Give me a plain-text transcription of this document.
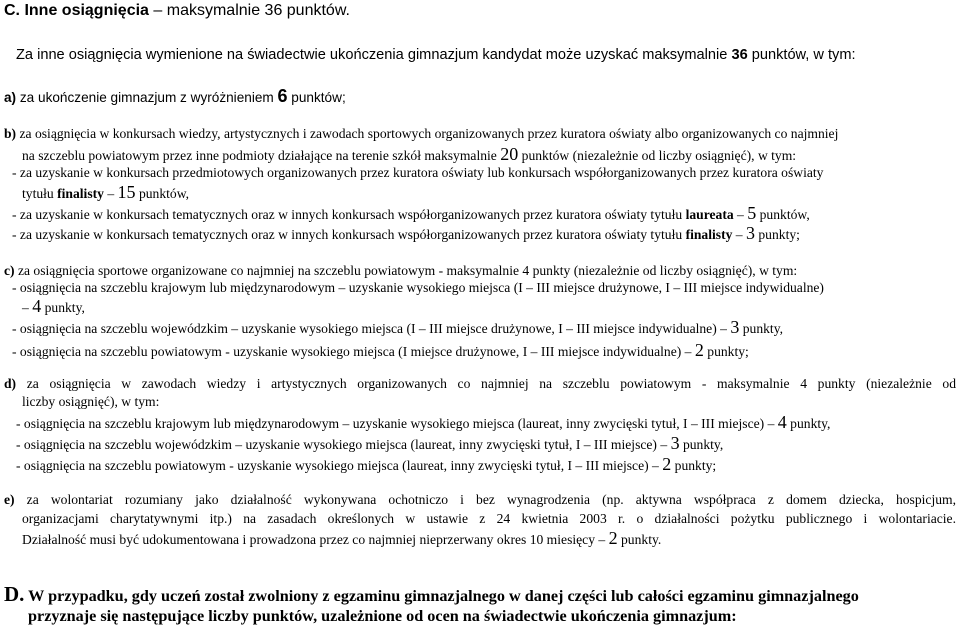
C. Inne osiągnięcia – maksymalnie 36 punktów.
Za inne osiągnięcia wymienione na świadectwie ukończenia gimnazjum kandydat może uzyskać maksymalnie 36 punktów, w tym:
a) za ukończenie gimnazjum z wyróżnieniem 6 punktów;
b) za osiągnięcia w konkursach wiedzy, artystycznych i zawodach sportowych organizowanych przez kuratora oświaty albo organizowanych co najmniej
na szczeblu powiatowym przez inne podmioty działające na terenie szkół maksymalnie 20 punktów (niezależnie od liczby osiągnięć), w tym:
- za uzyskanie w konkursach przedmiotowych organizowanych przez kuratora oświaty lub konkursach współorganizowanych przez kuratora oświaty
tytułu finalisty – 15 punktów,
- za uzyskanie w konkursach tematycznych oraz w innych konkursach współorganizowanych przez kuratora oświaty tytułu laureata – 5 punktów,
- za uzyskanie w konkursach tematycznych oraz w innych konkursach współorganizowanych przez kuratora oświaty tytułu finalisty – 3 punkty;
c) za osiągnięcia sportowe organizowane co najmniej na szczeblu powiatowym - maksymalnie 4 punkty (niezależnie od liczby osiągnięć), w tym:
- osiągnięcia na szczeblu krajowym lub międzynarodowym – uzyskanie wysokiego miejsca (I – III miejsce drużynowe, I – III miejsce indywidualne)
– 4 punkty,
- osiągnięcia na szczeblu wojewódzkim – uzyskanie wysokiego miejsca (I – III miejsce drużynowe, I – III miejsce indywidualne) – 3 punkty,
- osiągnięcia na szczeblu powiatowym - uzyskanie wysokiego miejsca (I miejsce drużynowe, I – III miejsce indywidualne) – 2 punkty;
d) za osiągnięcia w zawodach wiedzy i artystycznych organizowanych co najmniej na szczeblu powiatowym - maksymalnie 4 punkty (niezależnie od
liczby osiągnięć), w tym:
- osiągnięcia na szczeblu krajowym lub międzynarodowym – uzyskanie wysokiego miejsca (laureat, inny zwycięski tytuł, I – III miejsce) – 4 punkty,
- osiągnięcia na szczeblu wojewódzkim – uzyskanie wysokiego miejsca (laureat, inny zwycięski tytuł, I – III miejsce) – 3 punkty,
- osiągnięcia na szczeblu powiatowym - uzyskanie wysokiego miejsca (laureat, inny zwycięski tytuł, I – III miejsce) – 2 punkty;
e) za wolontariat rozumiany jako działalność wykonywana ochotniczo i bez wynagrodzenia (np. aktywna współpraca z domem dziecka, hospicjum,
organizacjami charytatywnymi itp.) na zasadach określonych w ustawie z 24 kwietnia 2003 r. o działalności pożytku publicznego i wolontariacie.
Działalność musi być udokumentowana i prowadzona przez co najmniej nieprzerwany okres 10 miesięcy – 2 punkty.
D. W przypadku, gdy uczeń został zwolniony z egzaminu gimnazjalnego w danej części lub całości egzaminu gimnazjalnego
przyznaje się następujące liczby punktów, uzależnione od ocen na świadectwie ukończenia gimnazjum:
